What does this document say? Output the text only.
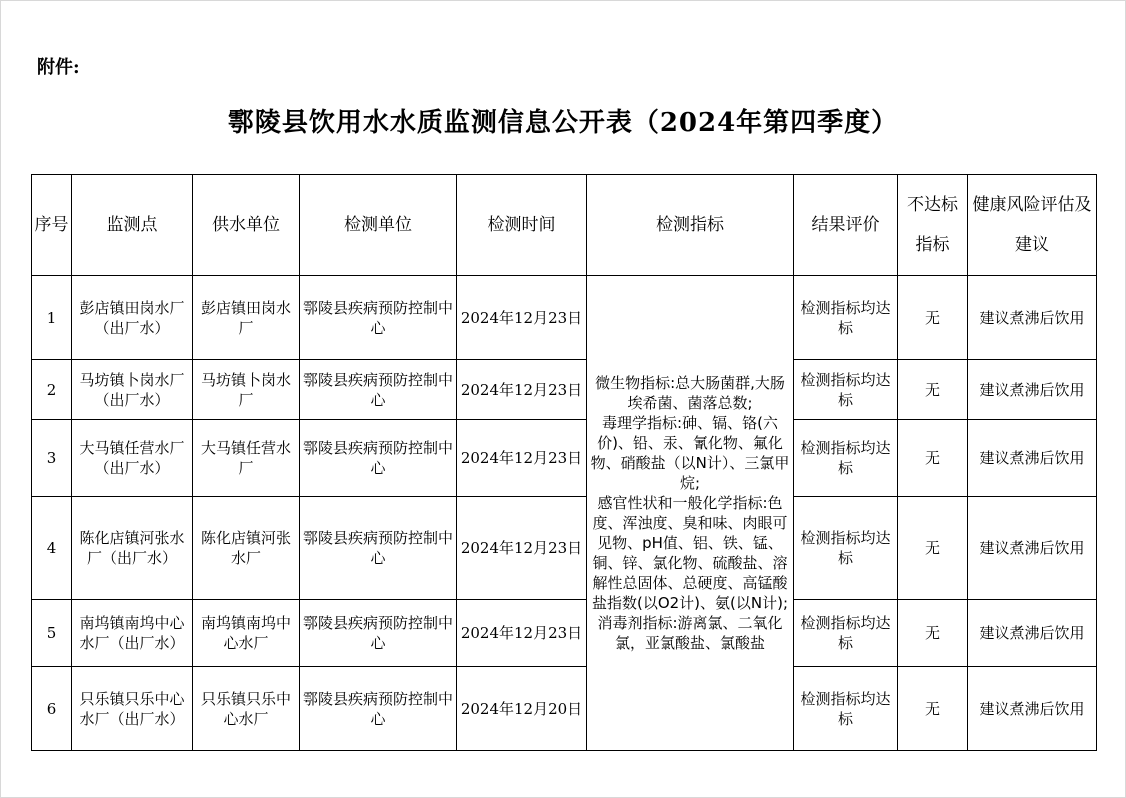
附件:
鄠陵县饮用水水质监测信息公开表（2024年第四季度）
序号	监测点	供水单位	检测单位	检测时间	检测指标	结果评价	不达标指标	健康风险评估及建议
1	彭店镇田岗水厂（出厂水）	彭店镇田岗水厂	鄠陵县疾病预防控制中心	2024年12月23日	微生物指标:总大肠菌群,大肠埃希菌、菌落总数;
毒理学指标:砷、镉、铬(六价)、铅、汞、氰化物、氟化物、硝酸盐（以N计）、三氯甲烷;
感官性状和一般化学指标:色度、浑浊度、臭和味、肉眼可见物、pH值、铝、铁、锰、铜、锌、氯化物、硫酸盐、溶解性总固体、总硬度、高锰酸盐指数(以O2计)、氨(以N计);
消毒剂指标:游离氯、二氧化氯，亚氯酸盐、氯酸盐	检测指标均达标	无	建议煮沸后饮用
2	马坊镇卜岗水厂（出厂水）	马坊镇卜岗水厂	鄠陵县疾病预防控制中心	2024年12月23日		检测指标均达标	无	建议煮沸后饮用
3	大马镇任营水厂（出厂水）	大马镇任营水厂	鄠陵县疾病预防控制中心	2024年12月23日		检测指标均达标	无	建议煮沸后饮用
4	陈化店镇河张水厂（出厂水）	陈化店镇河张水厂	鄠陵县疾病预防控制中心	2024年12月23日		检测指标均达标	无	建议煮沸后饮用
5	南坞镇南坞中心水厂（出厂水）	南坞镇南坞中心水厂	鄠陵县疾病预防控制中心	2024年12月23日		检测指标均达标	无	建议煮沸后饮用
6	只乐镇只乐中心水厂（出厂水）	只乐镇只乐中心水厂	鄠陵县疾病预防控制中心	2024年12月20日		检测指标均达标	无	建议煮沸后饮用
